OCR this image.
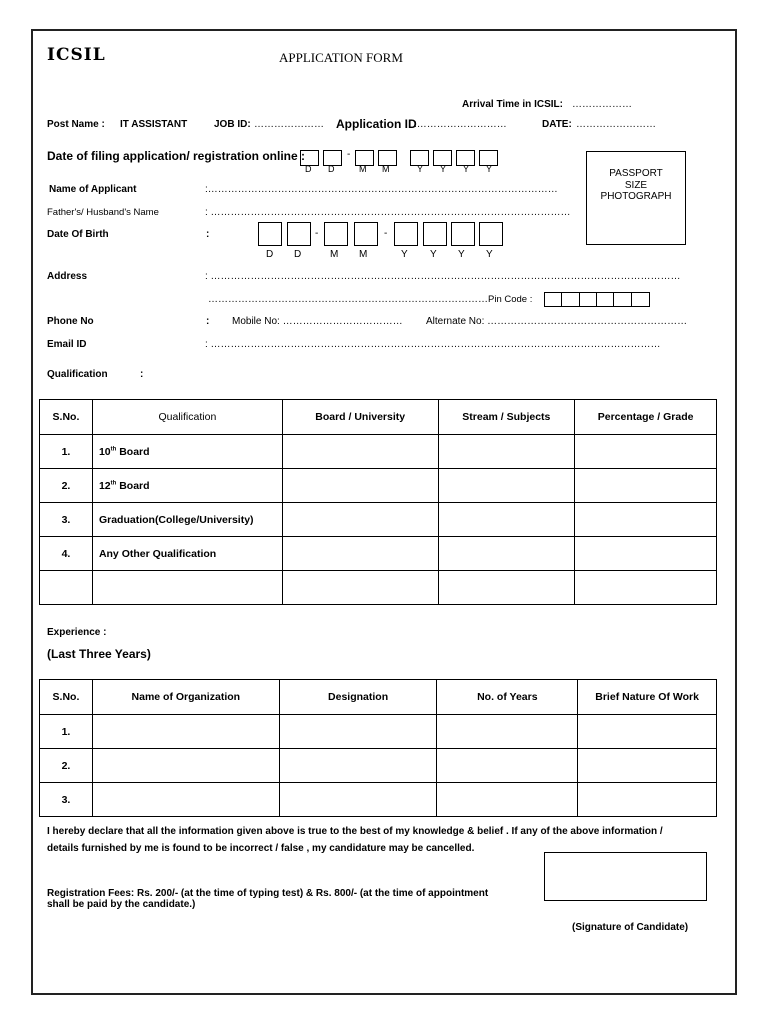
ICSIL	APPLICATION FORM
Arrival Time in ICSIL: ………………
Post Name : IT ASSISTANT	JOB ID: ………………… Application ID
:………………………	DATE: ……………………
Date of filing application/ registration online :	-
D D	M M	Y Y Y Y	PASSPORT
SIZE
PHOTOGRAPH
Name of Applicant	:……………………………………………………………………………………………
Father's/ Husband's Name	: ………………………………………………………………………………………………
Date Of Birth	:	-	-
D D	M M	Y Y Y Y
Address	: ……………………………………………………………………………………………………………………………
………………………………………………………………………… Pin Code :
Phone No	: Mobile No: ……………………………… Alternate No: ……………………………………………………
Email ID	: ………………………………………………………………………………………………………………………
Qualification	:
S.No.	Qualification	Board / University	Stream / Subjects	Percentage / Grade
1.	10th Board			
2.	12th Board			
3.	Graduation(College/University)			
4.	Any Other Qualification			

Experience :
(Last Three Years)
S.No.	Name of Organization	Designation	No. of Years	Brief Nature Of Work
1.				
2.				
3.				
I hereby declare that all the information given above is true to the best of my knowledge & belief . If any of the above information /
details furnished by me is found to be incorrect / false , my candidature may be cancelled.
Registration Fees: Rs. 200/- (at the time of typing test) & Rs. 800/- (at the time of appointment
shall be paid by the candidate.)
(Signature of Candidate)
